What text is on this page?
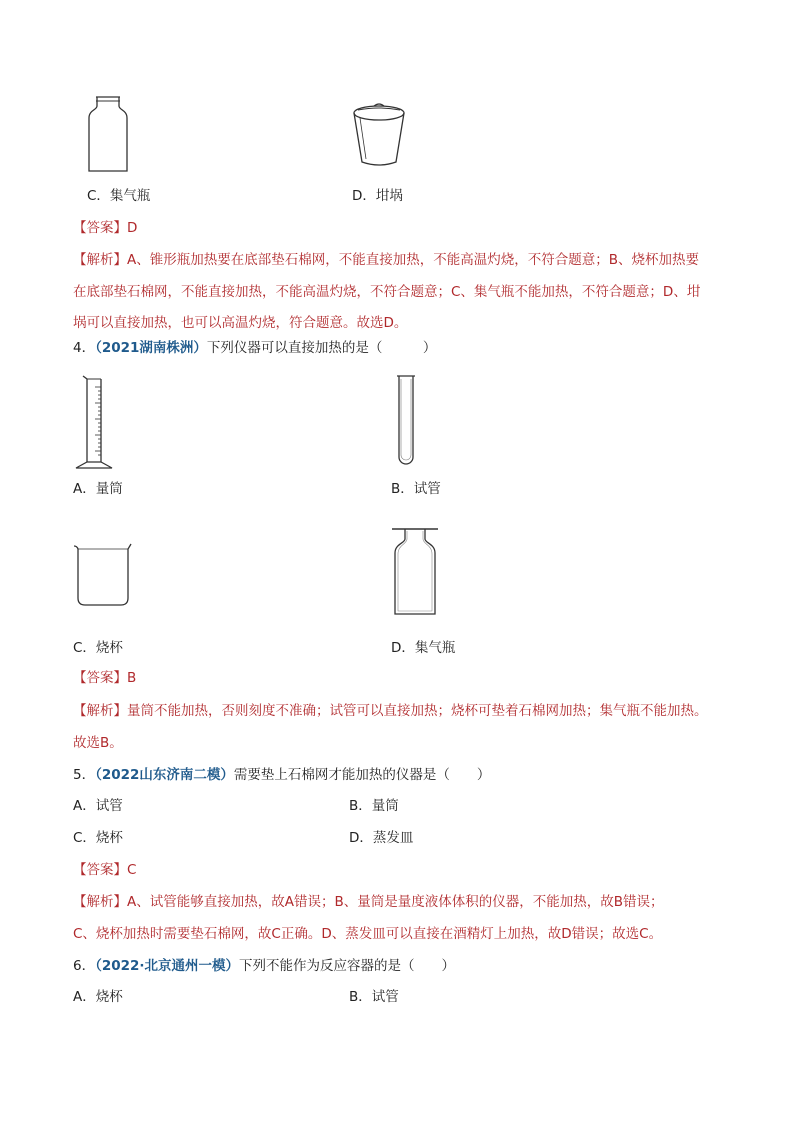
C．集气瓶	D．坩埚
【答案】D
【解析】A、锥形瓶加热要在底部垫石棉网，不能直接加热，不能高温灼烧，不符合题意；B、烧杯加热要
在底部垫石棉网，不能直接加热，不能高温灼烧，不符合题意；C、集气瓶不能加热，不符合题意；D、坩
埚可以直接加热，也可以高温灼烧，符合题意。故选D。
4．（2021湖南株洲）下列仪器可以直接加热的是（　　　）
A．量筒	B．试管
C．烧杯	D．集气瓶
【答案】B
【解析】量筒不能加热，否则刻度不准确；试管可以直接加热；烧杯可垫着石棉网加热；集气瓶不能加热。
故选B。
5．（2022山东济南二模）需要垫上石棉网才能加热的仪器是（　　）
A．试管	B．量筒
C．烧杯	D．蒸发皿
【答案】C
【解析】A、试管能够直接加热，故A错误；B、量筒是量度液体体积的仪器，不能加热，故B错误；
C、烧杯加热时需要垫石棉网，故C正确。D、蒸发皿可以直接在酒精灯上加热，故D错误；故选C。
6．（2022·北京通州一模）下列不能作为反应容器的是（　　）
A．烧杯	B．试管
